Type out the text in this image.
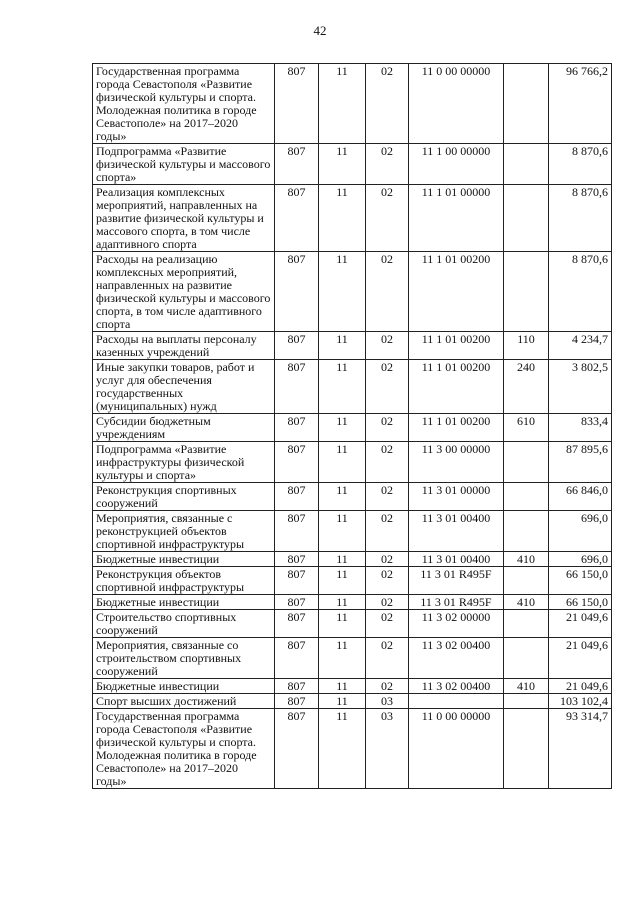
42
Государственная программа города Севастополя «Развитие физической культуры и спорта. Молодежная политика в городе Севастополе» на 2017–2020 годы»	807	11	02	11 0 00 00000		96 766,2
Подпрограмма «Развитие физической культуры и массового спорта»	807	11	02	11 1 00 00000		8 870,6
Реализация комплексных мероприятий, направленных на развитие физической культуры и массового спорта, в том числе адаптивного спорта	807	11	02	11 1 01 00000		8 870,6
Расходы на реализацию комплексных мероприятий, направленных на развитие физической культуры и массового спорта, в том числе адаптивного спорта	807	11	02	11 1 01 00200		8 870,6
Расходы на выплаты персоналу казенных учреждений	807	11	02	11 1 01 00200	110	4 234,7
Иные закупки товаров, работ и услуг для обеспечения государственных (муниципальных) нужд	807	11	02	11 1 01 00200	240	3 802,5
Субсидии бюджетным учреждениям	807	11	02	11 1 01 00200	610	833,4
Подпрограмма «Развитие инфраструктуры физической культуры и спорта»	807	11	02	11 3 00 00000		87 895,6
Реконструкция спортивных сооружений	807	11	02	11 3 01 00000		66 846,0
Мероприятия, связанные с реконструкцией объектов спортивной инфраструктуры	807	11	02	11 3 01 00400		696,0
Бюджетные инвестиции	807	11	02	11 3 01 00400	410	696,0
Реконструкция объектов спортивной инфраструктуры	807	11	02	11 3 01 R495F		66 150,0
Бюджетные инвестиции	807	11	02	11 3 01 R495F	410	66 150,0
Строительство спортивных сооружений	807	11	02	11 3 02 00000		21 049,6
Мероприятия, связанные со строительством спортивных сооружений	807	11	02	11 3 02 00400		21 049,6
Бюджетные инвестиции	807	11	02	11 3 02 00400	410	21 049,6
Спорт высших достижений	807	11	03			103 102,4
Государственная программа города Севастополя «Развитие физической культуры и спорта. Молодежная политика в городе Севастополе» на 2017–2020 годы»	807	11	03	11 0 00 00000		93 314,7
